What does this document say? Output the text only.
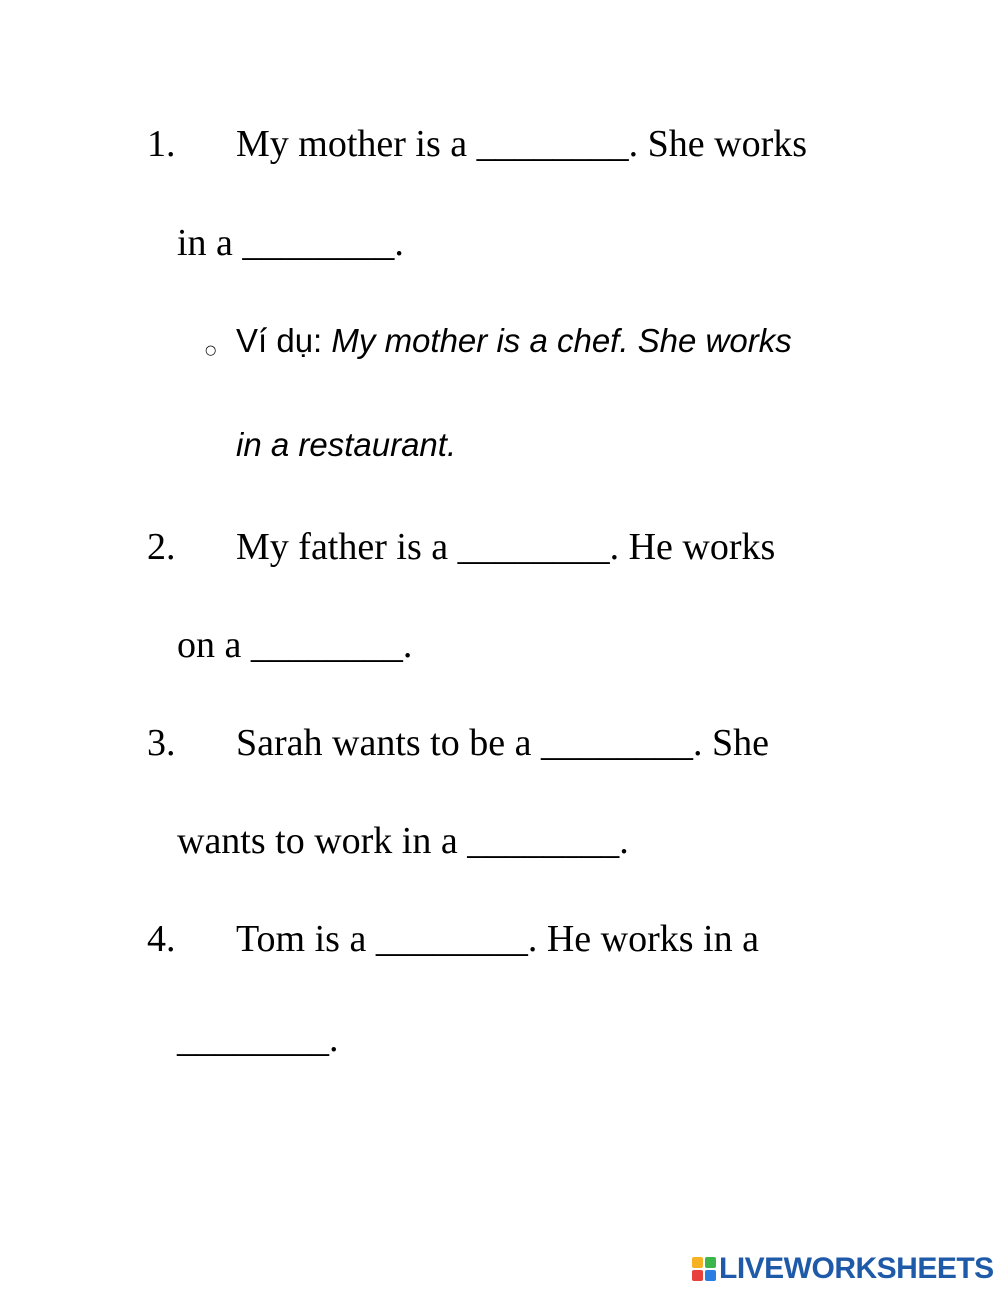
1. My mother is a ________. She works
in a ________.
○ Ví dụ: My mother is a chef. She works
in a restaurant.
2. My father is a ________. He works
on a ________.
3. Sarah wants to be a ________. She
wants to work in a ________.
4. Tom is a ________. He works in a
________.
LIVEWORKSHEETS
